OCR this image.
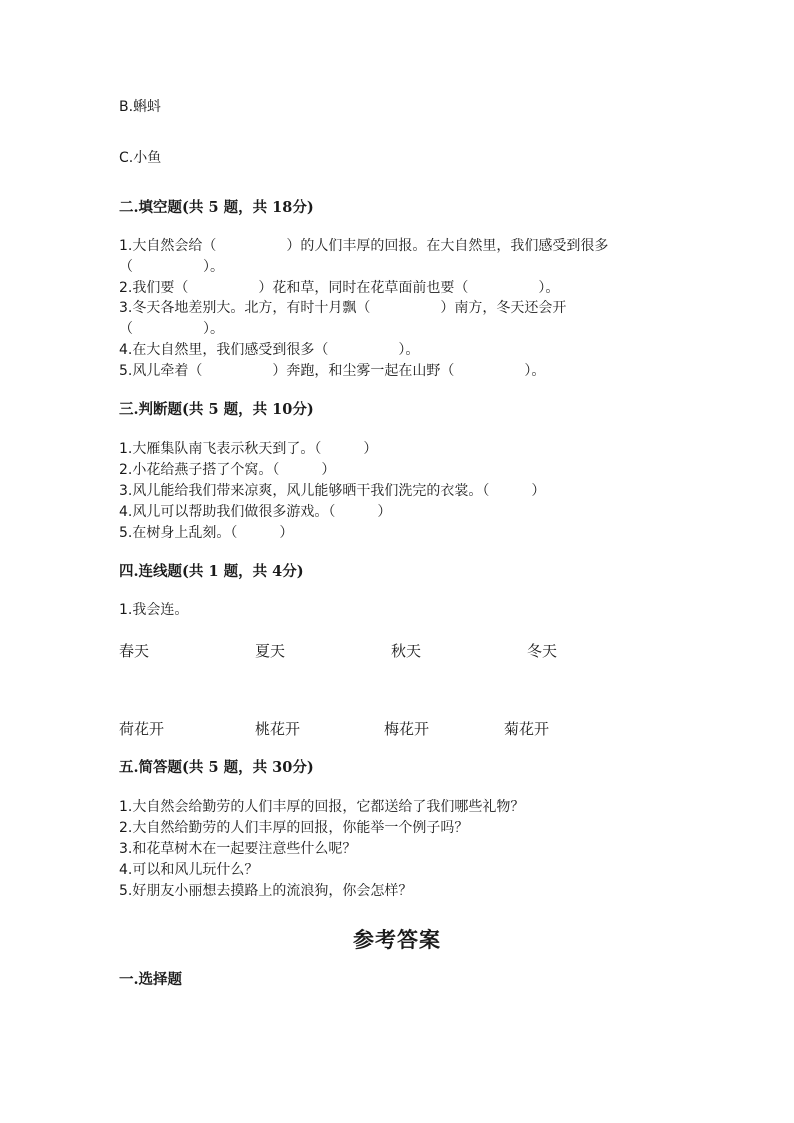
B.蝌蚪
C.小鱼
二.填空题(共 5 题，共 18分)
1.大自然会给（　　　　　）的人们丰厚的回报。在大自然里，我们感受到很多
（　　　　　）。
2.我们要（　　　　　）花和草，同时在花草面前也要（　　　　　）。
3.冬天各地差别大。北方，有时十月飘（　　　　　）南方，冬天还会开
（　　　　　）。
4.在大自然里，我们感受到很多（　　　　　）。
5.风儿牵着（　　　　　）奔跑，和尘雾一起在山野（　　　　　）。
三.判断题(共 5 题，共 10分)
1.大雁集队南飞表示秋天到了。（　　　）
2.小花给燕子搭了个窝。（　　　）
3.风儿能给我们带来凉爽，风儿能够晒干我们洗完的衣裳。（　　　）
4.风儿可以帮助我们做很多游戏。（　　　）
5.在树身上乱刻。（　　　）
四.连线题(共 1 题，共 4分)
1.我会连。
春天	夏天	秋天	冬天
荷花开	桃花开	梅花开	菊花开
五.简答题(共 5 题，共 30分)
1.大自然会给勤劳的人们丰厚的回报，它都送给了我们哪些礼物？
2.大自然给勤劳的人们丰厚的回报，你能举一个例子吗？
3.和花草树木在一起要注意些什么呢？
4.可以和风儿玩什么？
5.好朋友小丽想去摸路上的流浪狗，你会怎样？
参考答案
一.选择题
